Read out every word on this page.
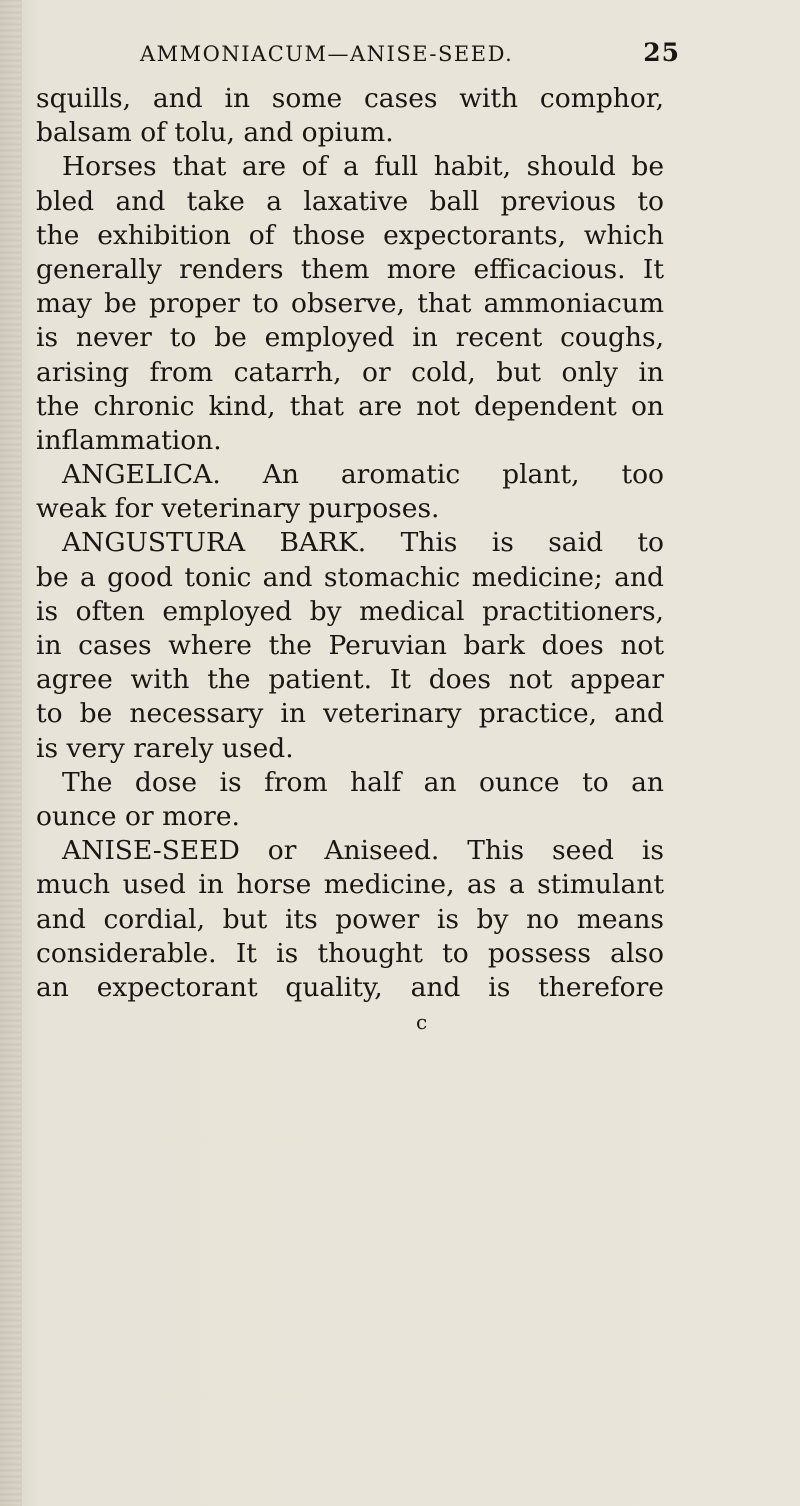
AMMONIACUM—ANISE-SEED.	25
squills, and in some cases with comphor,
balsam of tolu, and opium.
Horses that are of a full habit, should be
bled and take a laxative ball previous to
the exhibition of those expectorants, which
generally renders them more efficacious. It
may be proper to observe, that ammoniacum
is never to be employed in recent coughs,
arising from catarrh, or cold, but only in
the chronic kind, that are not dependent on
inflammation.
ANGELICA. An aromatic plant, too
weak for veterinary purposes.
ANGUSTURA BARK. This is said to
be a good tonic and stomachic medicine; and
is often employed by medical practitioners,
in cases where the Peruvian bark does not
agree with the patient. It does not appear
to be necessary in veterinary practice, and
is very rarely used.
The dose is from half an ounce to an
ounce or more.
ANISE-SEED or Aniseed. This seed is
much used in horse medicine, as a stimulant
and cordial, but its power is by no means
considerable. It is thought to possess also
an expectorant quality, and is therefore
c
